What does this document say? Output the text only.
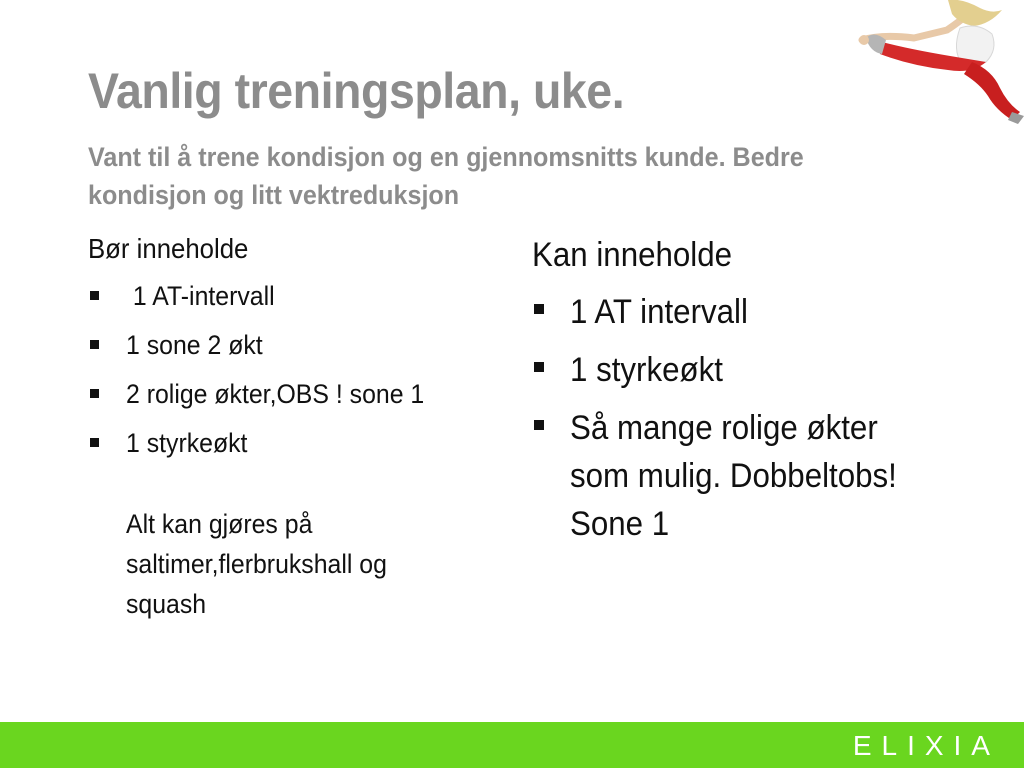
Vanlig treningsplan, uke.
Vant til å trene kondisjon og en gjennomsnitts kunde. Bedre kondisjon og litt vektreduksjon
Bør inneholde
1 AT-intervall
1 sone 2 økt
2 rolige økter,OBS ! sone 1
1 styrkeøkt
Alt kan gjøres på saltimer,flerbrukshall og squash
Kan inneholde
1 AT intervall
1 styrkeøkt
Så mange rolige økter som mulig. Dobbeltobs! Sone 1
ELIXIA
